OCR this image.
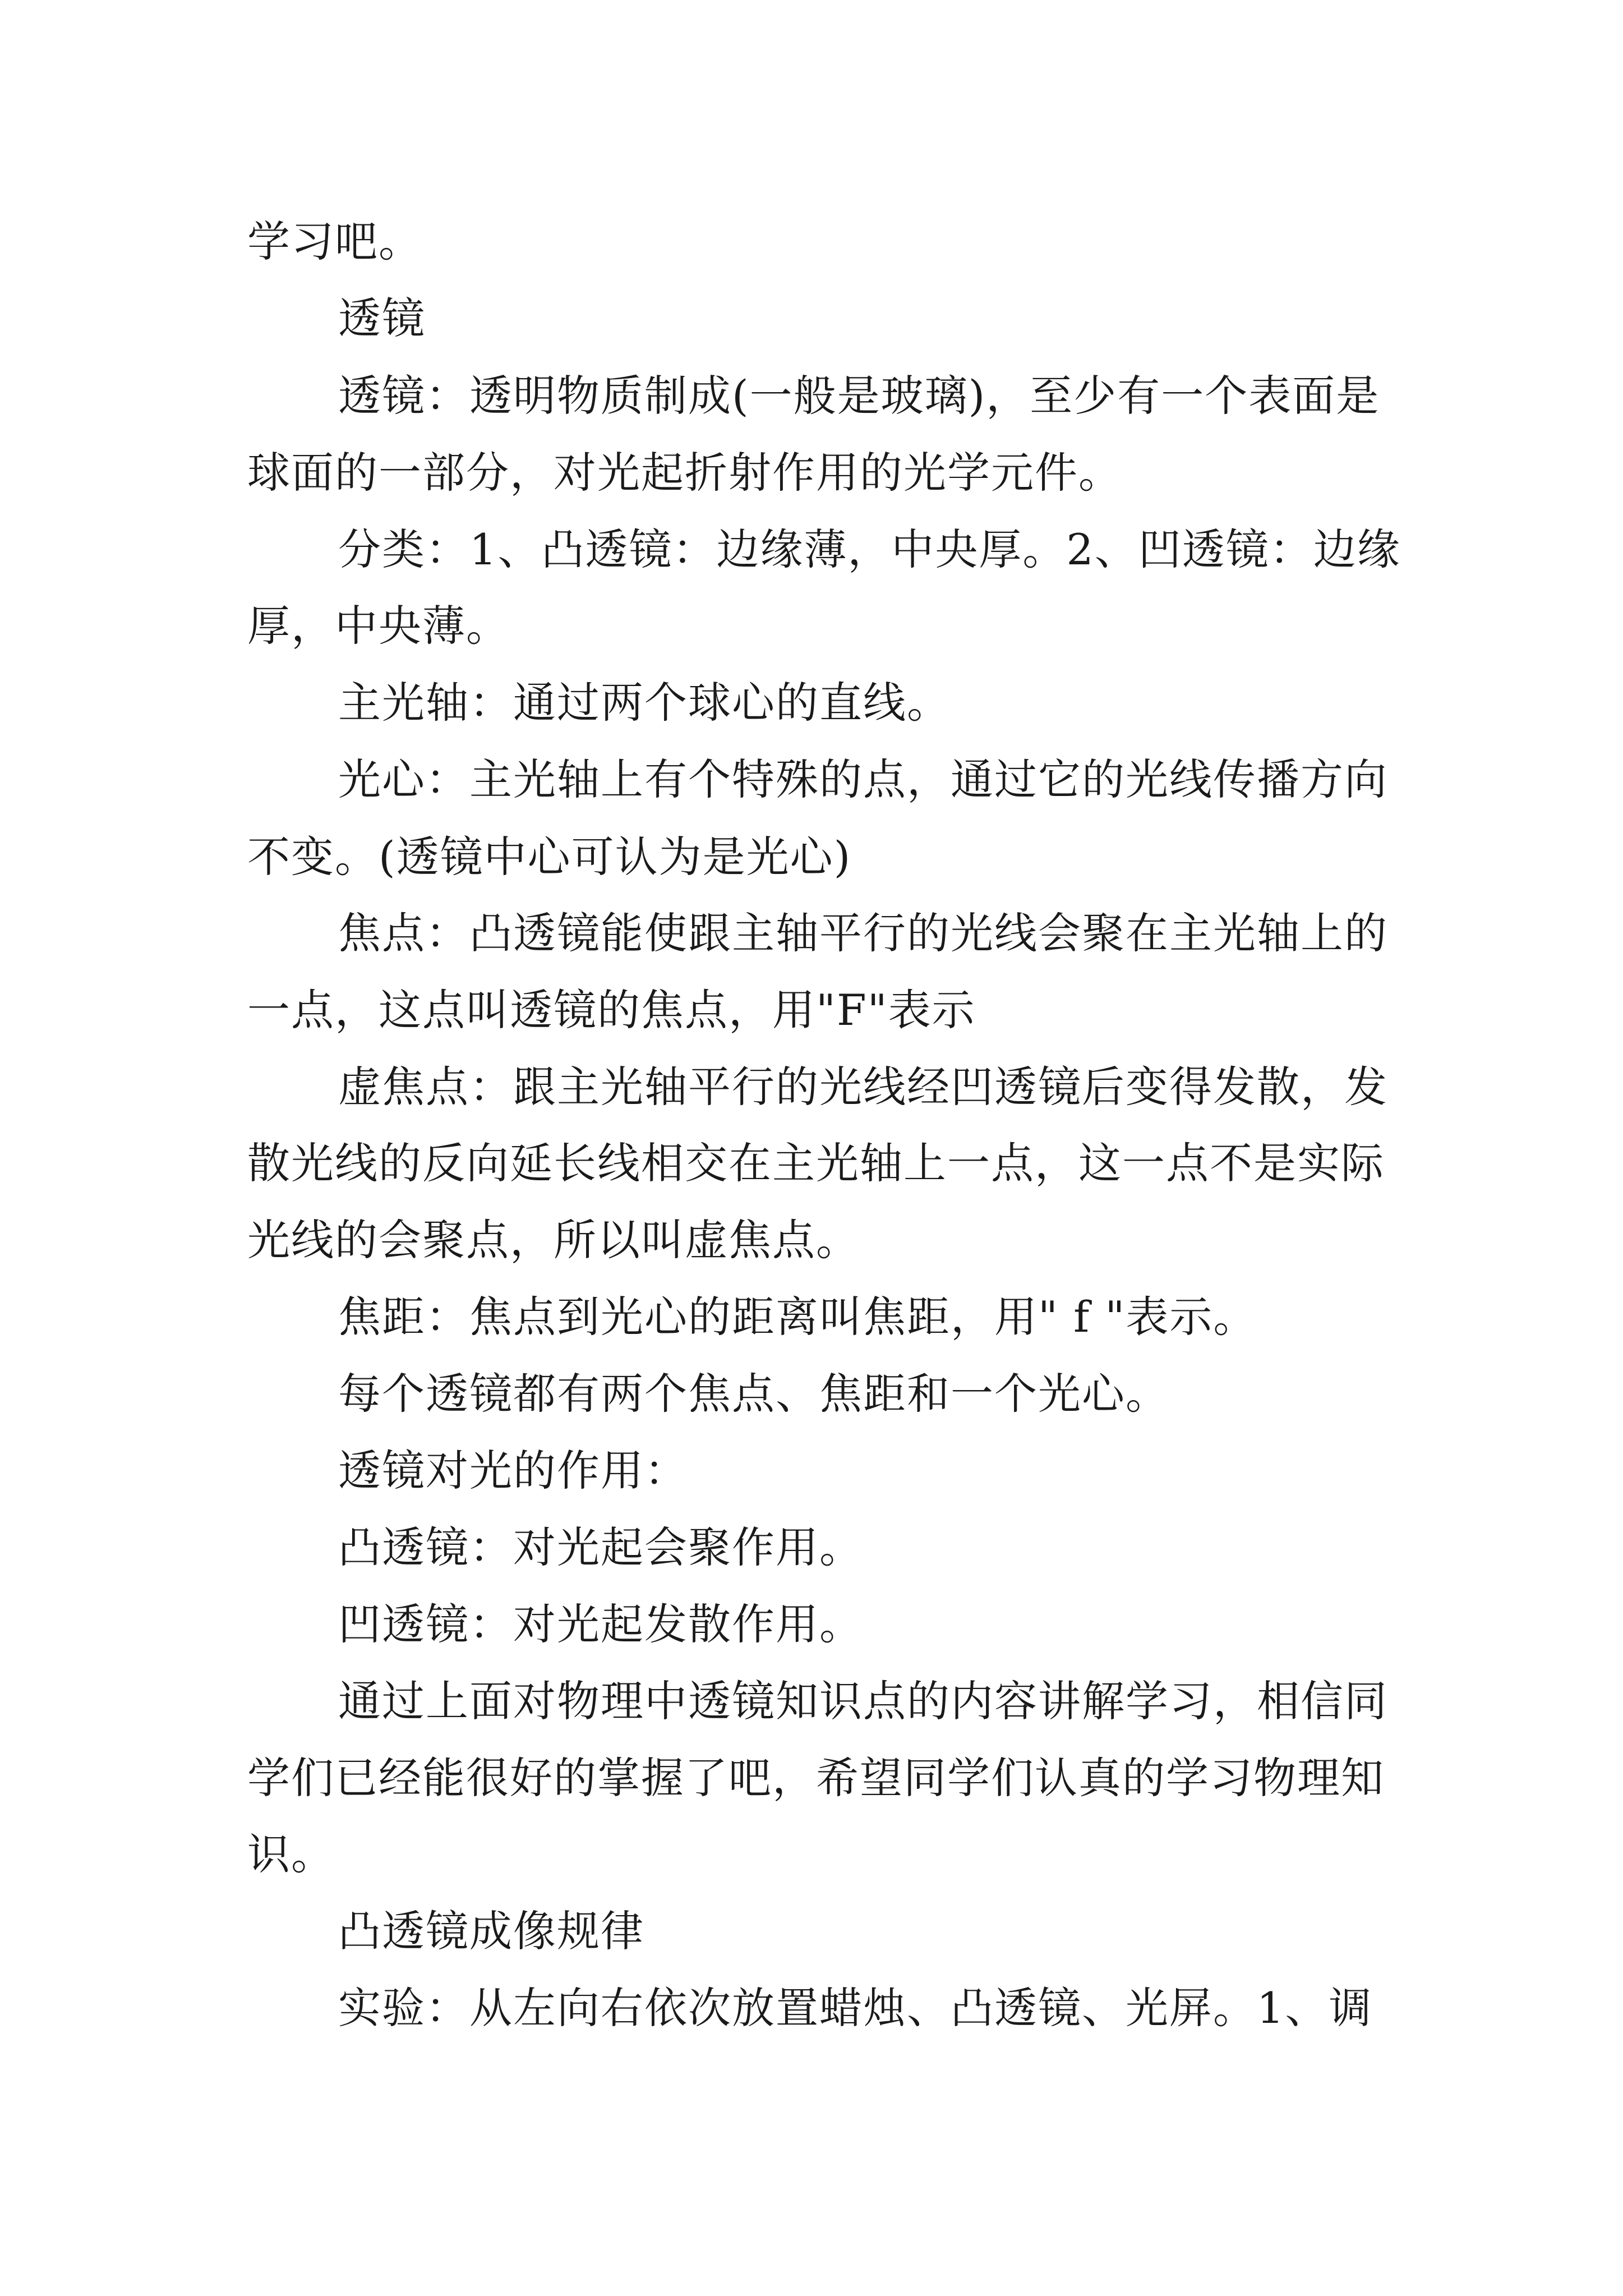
学习吧。
透镜
透镜：透明物质制成(一般是玻璃)，至少有一个表面是
球面的一部分，对光起折射作用的光学元件。
分类：1、凸透镜：边缘薄，中央厚。2、凹透镜：边缘
厚，中央薄。
主光轴：通过两个球心的直线。
光心：主光轴上有个特殊的点，通过它的光线传播方向
不变。(透镜中心可认为是光心)
焦点：凸透镜能使跟主轴平行的光线会聚在主光轴上的
一点，这点叫透镜的焦点，用"F"表示
虚焦点：跟主光轴平行的光线经凹透镜后变得发散，发
散光线的反向延长线相交在主光轴上一点，这一点不是实际
光线的会聚点，所以叫虚焦点。
焦距：焦点到光心的距离叫焦距，用" f "表示。
每个透镜都有两个焦点、焦距和一个光心。
透镜对光的作用：
凸透镜：对光起会聚作用。
凹透镜：对光起发散作用。
通过上面对物理中透镜知识点的内容讲解学习，相信同
学们已经能很好的掌握了吧，希望同学们认真的学习物理知
识。
凸透镜成像规律
实验：从左向右依次放置蜡烛、凸透镜、光屏。1、调
